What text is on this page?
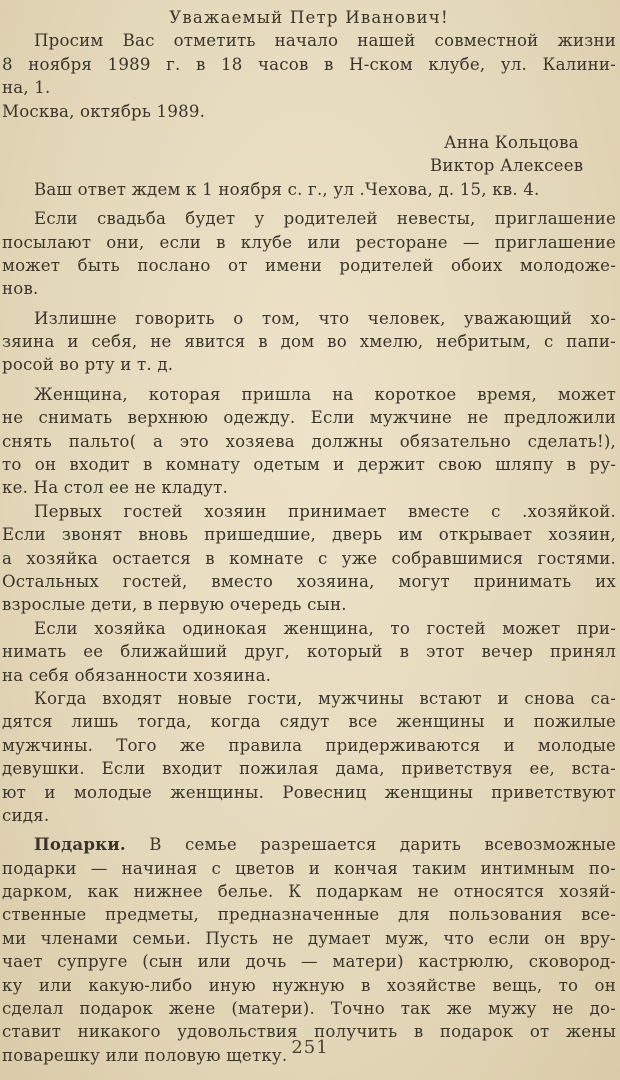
Уважаемый Петр Иванович!
Просим Вас отметить начало нашей совместной жизни
8 ноября 1989 г. в 18 часов в Н-ском клубе, ул. Калини-
на, 1.
Москва, октябрь 1989.
Анна Кольцова
Виктор Алексеев
Ваш ответ ждем к 1 ноября с. г., ул .Чехова, д. 15, кв. 4.
Если свадьба будет у родителей невесты, приглашение
посылают они, если в клубе или ресторане — приглашение
может быть послано от имени родителей обоих молодоже-
нов.
Излишне говорить о том, что человек, уважающий хо-
зяина и себя, не явится в дом во хмелю, небритым, с папи-
росой во рту и т. д.
Женщина, которая пришла на короткое время, может
не снимать верхнюю одежду. Если мужчине не предложили
снять пальто( а это хозяева должны обязательно сделать!),
то он входит в комнату одетым и держит свою шляпу в ру-
ке. На стол ее не кладут.
Первых гостей хозяин принимает вместе с .хозяйкой.
Если звонят вновь пришедшие, дверь им открывает хозяин,
а хозяйка остается в комнате с уже собравшимися гостями.
Остальных гостей, вместо хозяина, могут принимать их
взрослые дети, в первую очередь сын.
Если хозяйка одинокая женщина, то гостей может при-
нимать ее ближайший друг, который в этот вечер принял
на себя обязанности хозяина.
Когда входят новые гости, мужчины встают и снова са-
дятся лишь тогда, когда сядут все женщины и пожилые
мужчины. Того же правила придерживаются и молодые
девушки. Если входит пожилая дама, приветствуя ее, вста-
ют и молодые женщины. Ровесниц женщины приветствуют
сидя.
Подарки. В семье разрешается дарить всевозможные
подарки — начиная с цветов и кончая таким интимным по-
дарком, как нижнее белье. К подаркам не относятся хозяй-
ственные предметы, предназначенные для пользования все-
ми членами семьи. Пусть не думает муж, что если он вру-
чает супруге (сын или дочь — матери) кастрюлю, сковород-
ку или какую-либо иную нужную в хозяйстве вещь, то он
сделал подарок жене (матери). Точно так же мужу не до-
ставит никакого удовольствия получить в подарок от жены
поварешку или половую щетку. 251
